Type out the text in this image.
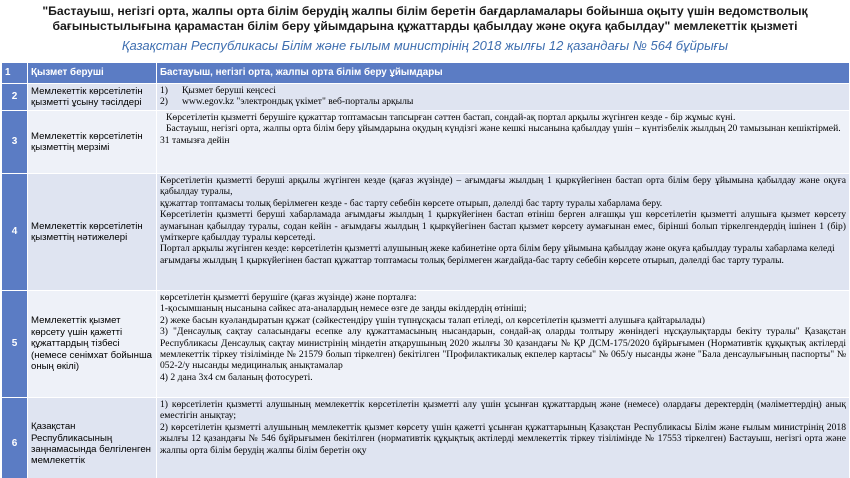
"Бастауыш, негізгі орта, жалпы орта білім берудің жалпы білім беретін бағдарламалары бойынша оқыту үшін ведомстволық бағыныстылығына қарамастан білім беру ұйымдарына құжаттарды қабылдау және оқуға қабылдау" мемлекеттік қызметі
Қазақстан Республикасы Білім және ғылым министрінің 2018 жылғы 12 қазандағы № 564 бұйрығы
1	Қызмет беруші	Бастауыш, негізгі орта, жалпы орта білім беру ұйымдары
2	Мемлекеттік көрсетілетін қызметті ұсыну тәсілдері	1) Қызмет беруші кеңсесі
2) www.egov.kz "электрондық үкімет" веб-порталы арқылы

3	Мемлекеттік көрсетілетін қызметтің мерзімі	Көрсетілетін қызметті берушіге құжаттар топтамасын тапсырған сәттен бастап, сондай-ақ портал арқылы жүгінген кезде - бір жұмыс күні.

Бастауыш, негізгі орта, жалпы орта білім беру ұйымдарына оқудың күндізгі және кешкі нысанына қабылдау үшін – күнтізбелік жылдың 20 тамызынан кешіктірмей.

31 тамызға дейін

4	Мемлекеттік көрсетілетін қызметтің нәтижелері	Көрсетілетін қызметті беруші арқылы жүгінген кезде (қағаз жүзінде) – ағымдағы жылдың 1 қыркүйегінен бастап орта білім беру ұйымына қабылдау және оқуға қабылдау туралы,

құжаттар топтамасы толық берілмеген кезде - бас тарту себебін көрсете отырып, дәлелді бас тарту туралы хабарлама беру.

Көрсетілетін қызметті беруші хабарламада ағымдағы жылдың 1 қыркүйегінен бастап өтініш берген алғашқы үш көрсетілетін қызметті алушыға қызмет көрсету аумағынан қабылдау туралы, содан кейін - ағымдағы жылдың 1 қыркүйегінен бастап қызмет көрсету аумағынан емес, бірінші болып тіркелгендердің ішінен 1 (бір) үміткерге қабылдау туралы көрсетеді.

Портал арқылы жүгінген кезде: көрсетілетін қызметті алушының жеке кабинетіне орта білім беру ұйымына қабылдау және оқуға қабылдау туралы хабарлама келеді

ағымдағы жылдың 1 қыркүйегінен бастап құжаттар топтамасы толық берілмеген жағдайда-бас тарту себебін көрсете отырып, дәлелді бас тарту туралы.

5	Мемлекеттік қызмет көрсету үшін қажетті құжаттардың тізбесі (немесе сенімхат бойынша оның өкілі)	көрсетілетін қызметті берушіге (қағаз жүзінде) және порталға:

1-қосымшаның нысанына сәйкес ата-аналардың немесе өзге де заңды өкілдердің өтініші;

2) жеке басын куәландыратын құжат (сәйкестендіру үшін түпнұсқасы талап етіледі, ол көрсетілетін қызметті алушыға қайтарылады)

3) "Денсаулық сақтау саласындағы есепке алу құжаттамасының нысандарын, сондай-ақ оларды толтыру жөніндегі нұсқаулықтарды бекіту туралы" Қазақстан Республикасы Денсаулық сақтау министрінің міндетін атқарушының 2020 жылғы 30 қазандағы № ҚР ДСМ-175/2020 бұйрығымен (Нормативтік құқықтық актілерді мемлекеттік тіркеу тізілімінде № 21579 болып тіркелген) бекітілген "Профилактикалық екпелер картасы" № 065/у нысанды және "Бала денсаулығының паспорты" № 052-2/у нысанды медициналық анықтамалар

4) 2 дана 3х4 см баланың фотосуреті.

6	Қазақстан Республикасының заңнамасында белгіленген мемлекеттік	1) көрсетілетін қызметті алушының мемлекеттік көрсетілетін қызметті алу үшін ұсынған құжаттардың және (немесе) олардағы деректердің (мәліметтердің) анық еместігін анықтау;

2) көрсетілетін қызметті алушының мемлекеттік қызмет көрсету үшін қажетті ұсынған құжаттарының Қазақстан Республикасы Білім және ғылым министрінің 2018 жылғы 12 қазандағы № 546 бұйрығымен бекітілген (нормативтік құқықтық актілерді мемлекеттік тіркеу тізілімінде № 17553 тіркелген) Бастауыш, негізгі орта және жалпы орта білім берудің жалпы білім беретін оқу
